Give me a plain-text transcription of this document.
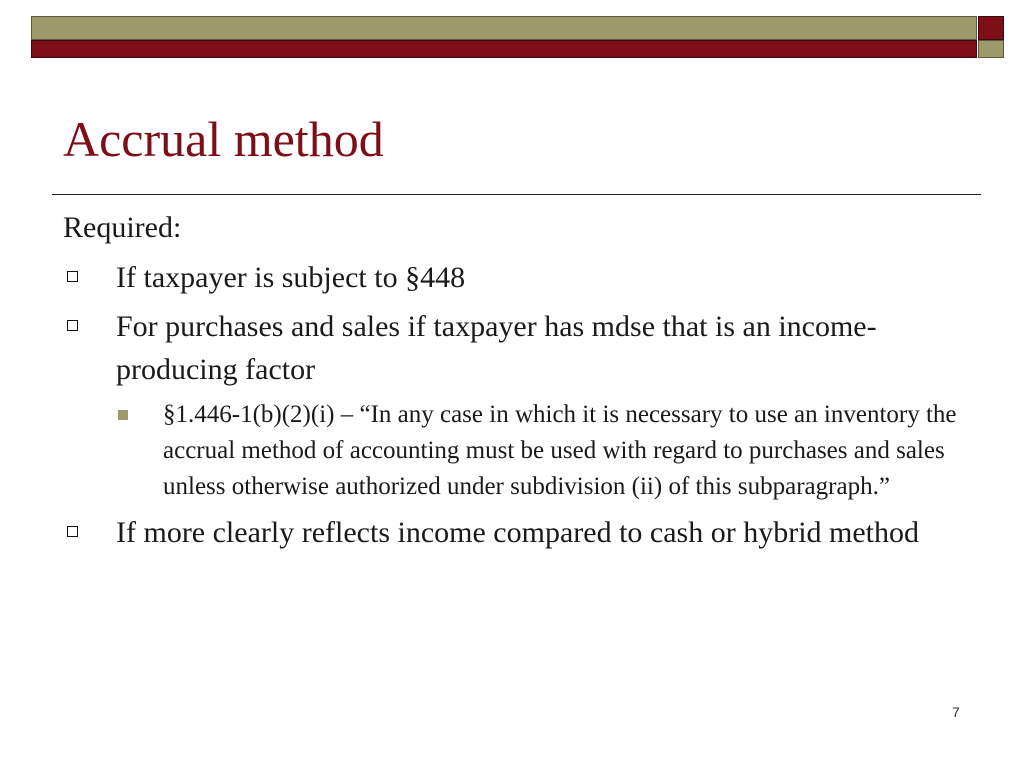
Accrual method

Required:

If taxpayer is subject to §448
For purchases and sales if taxpayer has mdse that is an income-producing factor
§1.446-1(b)(2)(i) – “In any case in which it is necessary to use an inventory the accrual method of accounting must be used with regard to purchases and sales unless otherwise authorized under subdivision (ii) of this subparagraph.”
If more clearly reflects income compared to cash or hybrid method
7
